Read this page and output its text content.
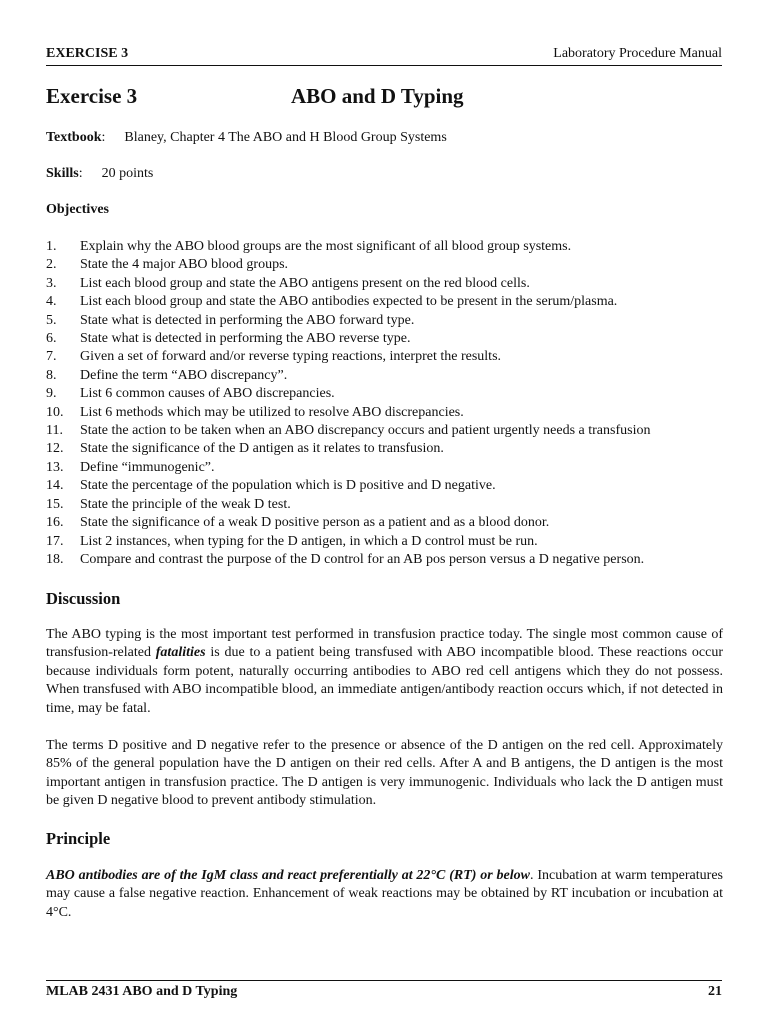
EXERCISE 3	Laboratory Procedure Manual
Exercise 3	ABO and D Typing
Textbook: Blaney, Chapter 4 The ABO and H Blood Group Systems
Skills: 20 points
Objectives
1.	Explain why the ABO blood groups are the most significant of all blood group systems.
2.	State the 4 major ABO blood groups.
3.	List each blood group and state the ABO antigens present on the red blood cells.
4.	List each blood group and state the ABO antibodies expected to be present in the serum/plasma.
5.	State what is detected in performing the ABO forward type.
6.	State what is detected in performing the ABO reverse type.
7.	Given a set of forward and/or reverse typing reactions, interpret the results.
8.	Define the term “ABO discrepancy”.
9.	List 6 common causes of ABO discrepancies.
10.	List 6 methods which may be utilized to resolve ABO discrepancies.
11.	State the action to be taken when an ABO discrepancy occurs and patient urgently needs a transfusion
12.	State the significance of the D antigen as it relates to transfusion.
13.	Define “immunogenic”.
14.	State the percentage of the population which is D positive and D negative.
15.	State the principle of the weak D test.
16.	State the significance of a weak D positive person as a patient and as a blood donor.
17.	List 2 instances, when typing for the D antigen, in which a D control must be run.
18.	Compare and contrast the purpose of the D control for an AB pos person versus a D negative person.
Discussion

The ABO typing is the most important test performed in transfusion practice today. The single most common cause of transfusion-related fatalities is due to a patient being transfused with ABO incompatible blood. These reactions occur because individuals form potent, naturally occurring antibodies to ABO red cell antigens which they do not possess. When transfused with ABO incompatible blood, an immediate antigen/antibody reaction occurs which, if not detected in time, may be fatal.

The terms D positive and D negative refer to the presence or absence of the D antigen on the red cell. Approximately 85% of the general population have the D antigen on their red cells. After A and B antigens, the D antigen is the most important antigen in transfusion practice. The D antigen is very immunogenic. Individuals who lack the D antigen must be given D negative blood to prevent antibody stimulation.

Principle

ABO antibodies are of the IgM class and react preferentially at 22°C (RT) or below. Incubation at warm temperatures may cause a false negative reaction. Enhancement of weak reactions may be obtained by RT incubation or incubation at 4°C.

MLAB 2431 ABO and D Typing	21
